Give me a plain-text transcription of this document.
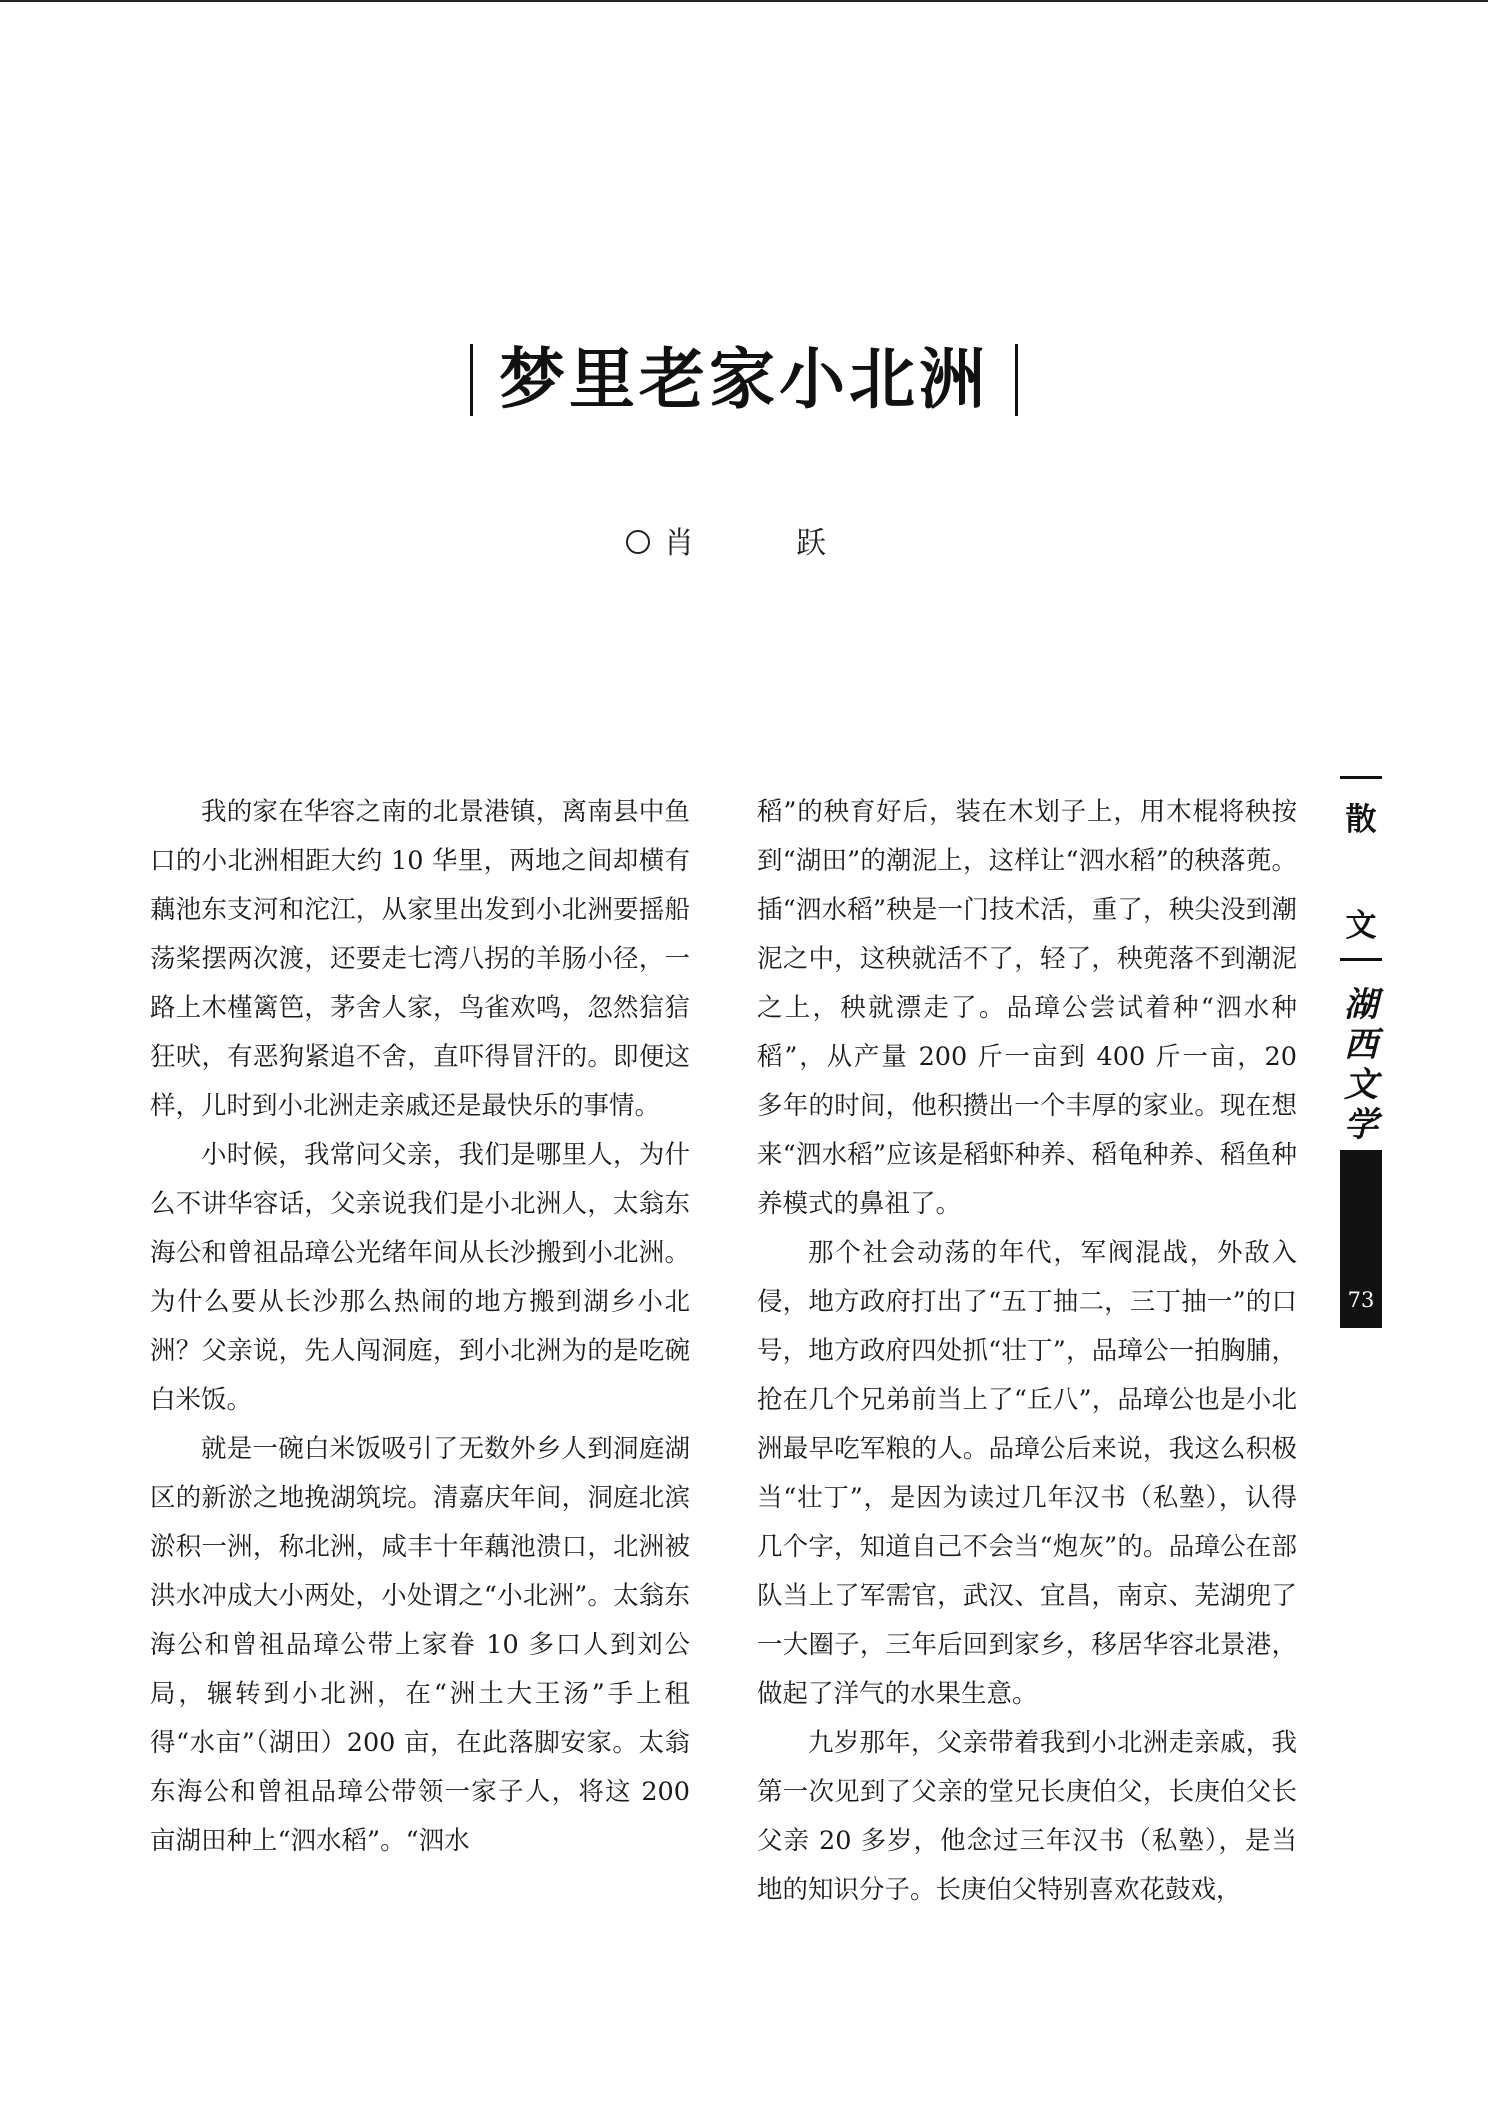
梦里老家小北洲
肖　跃

我的家在华容之南的北景港镇，离南县中鱼口的小北洲相距大约 10 华里，两地之间却横有藕池东支河和沱江，从家里出发到小北洲要摇船荡桨摆两次渡，还要走七湾八拐的羊肠小径，一路上木槿篱笆，茅舍人家，鸟雀欢鸣，忽然狺狺狂吠，有恶狗紧追不舍，直吓得冒汗的。即便这样，儿时到小北洲走亲戚还是最快乐的事情。

小时候，我常问父亲，我们是哪里人，为什么不讲华容话，父亲说我们是小北洲人，太翁东海公和曾祖品璋公光绪年间从长沙搬到小北洲。为什么要从长沙那么热闹的地方搬到湖乡小北洲？父亲说，先人闯洞庭，到小北洲为的是吃碗白米饭。

就是一碗白米饭吸引了无数外乡人到洞庭湖区的新淤之地挽湖筑垸。清嘉庆年间，洞庭北滨淤积一洲，称北洲，咸丰十年藕池溃口，北洲被洪水冲成大小两处，小处谓之“小北洲”。太翁东海公和曾祖品璋公带上家眷 10 多口人到刘公局，辗转到小北洲，在“洲土大王汤”手上租得“水亩”（湖田）200 亩，在此落脚安家。太翁东海公和曾祖品璋公带领一家子人，将这 200 亩湖田种上“泗水稻”。“泗水

稻”的秧育好后，装在木划子上，用木棍将秧按到“湖田”的潮泥上，这样让“泗水稻”的秧落蔸。插“泗水稻”秧是一门技术活，重了，秧尖没到潮泥之中，这秧就活不了，轻了，秧蔸落不到潮泥之上，秧就漂走了。品璋公尝试着种“泗水种稻”，从产量 200 斤一亩到 400 斤一亩，20 多年的时间，他积攒出一个丰厚的家业。现在想来“泗水稻”应该是稻虾种养、稻龟种养、稻鱼种养模式的鼻祖了。

那个社会动荡的年代，军阀混战，外敌入侵，地方政府打出了“五丁抽二，三丁抽一”的口号，地方政府四处抓“壮丁”，品璋公一拍胸脯，抢在几个兄弟前当上了“丘八”，品璋公也是小北洲最早吃军粮的人。品璋公后来说，我这么积极当“壮丁”，是因为读过几年汉书（私塾），认得几个字，知道自己不会当“炮灰”的。品璋公在部队当上了军需官，武汉、宜昌，南京、芜湖兜了一大圈子，三年后回到家乡，移居华容北景港，做起了洋气的水果生意。

九岁那年，父亲带着我到小北洲走亲戚，我第一次见到了父亲的堂兄长庚伯父，长庚伯父长父亲 20 多岁，他念过三年汉书（私塾），是当地的知识分子。长庚伯父特别喜欢花鼓戏，

散
文
湖
西
文
学
73
